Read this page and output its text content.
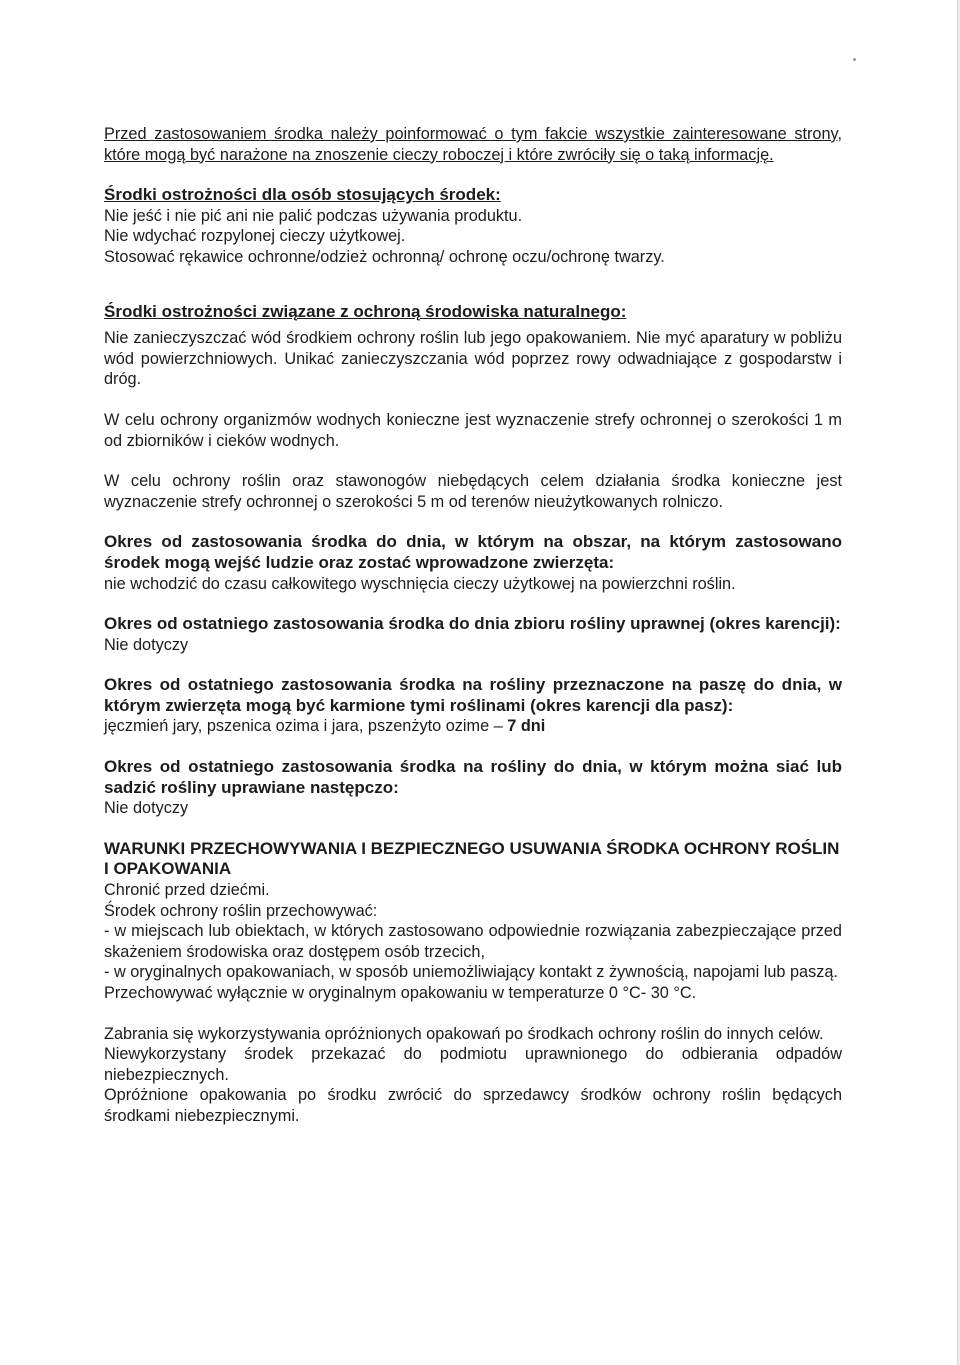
Przed zastosowaniem środka należy poinformować o tym fakcie wszystkie zainteresowane strony, które mogą być narażone na znoszenie cieczy roboczej i które zwróciły się o taką informację.

Środki ostrożności dla osób stosujących środek:

Nie jeść i nie pić ani nie palić podczas używania produktu.

Nie wdychać rozpylonej cieczy użytkowej.

Stosować rękawice ochronne/odzież ochronną/ ochronę oczu/ochronę twarzy.

Środki ostrożności związane z ochroną środowiska naturalnego:

Nie zanieczyszczać wód środkiem ochrony roślin lub jego opakowaniem. Nie myć aparatury w pobliżu wód powierzchniowych. Unikać zanieczyszczania wód poprzez rowy odwadniające z gospodarstw i dróg.

W celu ochrony organizmów wodnych konieczne jest wyznaczenie strefy ochronnej o szerokości 1 m od zbiorników i cieków wodnych.

W celu ochrony roślin oraz stawonogów niebędących celem działania środka konieczne jest wyznaczenie strefy ochronnej o szerokości 5 m od terenów nieużytkowanych rolniczo.

Okres od zastosowania środka do dnia, w którym na obszar, na którym zastosowano środek mogą wejść ludzie oraz zostać wprowadzone zwierzęta:

nie wchodzić do czasu całkowitego wyschnięcia cieczy użytkowej na powierzchni roślin.

Okres od ostatniego zastosowania środka do dnia zbioru rośliny uprawnej (okres karencji):

Nie dotyczy

Okres od ostatniego zastosowania środka na rośliny przeznaczone na paszę do dnia, w którym zwierzęta mogą być karmione tymi roślinami (okres karencji dla pasz):

jęczmień jary, pszenica ozima i jara, pszenżyto ozime – 7 dni

Okres od ostatniego zastosowania środka na rośliny do dnia, w którym można siać lub sadzić rośliny uprawiane następczo:

Nie dotyczy

WARUNKI PRZECHOWYWANIA I BEZPIECZNEGO USUWANIA ŚRODKA OCHRONY ROŚLIN I OPAKOWANIA

Chronić przed dziećmi.

Środek ochrony roślin przechowywać:

- w miejscach lub obiektach, w których zastosowano odpowiednie rozwiązania zabezpieczające przed skażeniem środowiska oraz dostępem osób trzecich,

- w oryginalnych opakowaniach, w sposób uniemożliwiający kontakt z żywnością, napojami lub paszą.

Przechowywać wyłącznie w oryginalnym opakowaniu w temperaturze 0 °C- 30 °C.

Zabrania się wykorzystywania opróżnionych opakowań po środkach ochrony roślin do innych celów.

Niewykorzystany środek przekazać do podmiotu uprawnionego do odbierania odpadów niebezpiecznych.

Opróżnione opakowania po środku zwrócić do sprzedawcy środków ochrony roślin będących środkami niebezpiecznymi.
